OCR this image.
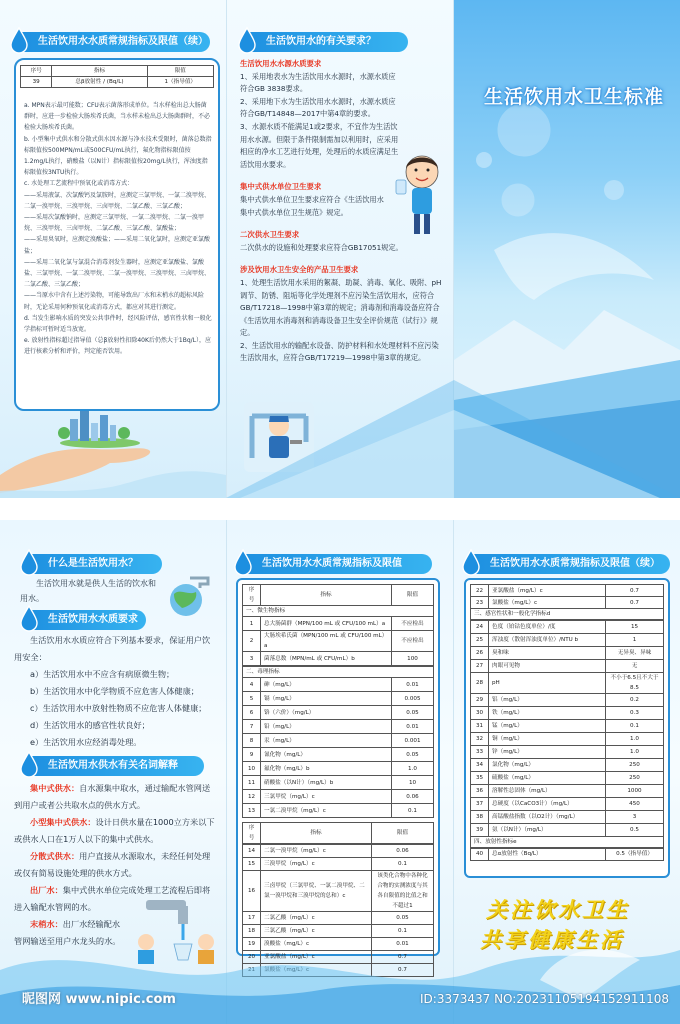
生活饮用水水质常规指标及限值（续）
序号	指标	限值
39	总β放射性 / (Bq/L)	1（指导值）

a. MPN表示最可能数；CFU表示菌落形成单位。当水样检出总大肠菌群时，应进一步检验大肠埃希氏菌，当水样未检出总大肠菌群时，不必检验大肠埃希氏菌。

b. 小型集中式供水和分散式供水因水源与净水技术受限时，菌落总数指标限值按500MPN/mL或500CFU/mL执行，氟化物指标限值按1.2mg/L执行，硝酸盐（以N计）指标限值按20mg/L执行，浑浊度指标限值按3NTU执行。

c. 水处理工艺流程中预氧化或消毒方式：

——采用液氯、次氯酸钙及氯胺时，应测定三氯甲烷、一氯二溴甲烷、二氯一溴甲烷、三溴甲烷、三卤甲烷、二氯乙酸、三氯乙酸；

——采用次氯酸钠时，应测定三氯甲烷、一氯二溴甲烷、二氯一溴甲烷、三溴甲烷、三卤甲烷、二氯乙酸、三氯乙酸、氯酸盐；

——采用臭氧时，应测定溴酸盐；——采用二氧化氯时，应测定亚氯酸盐；

——采用二氧化氯与氯混合消毒剂发生器时，应测定亚氯酸盐、氯酸盐、三氯甲烷、一氯二溴甲烷、二氯一溴甲烷、三溴甲烷、三卤甲烷、二氯乙酸、三氯乙酸；

——当原水中含有上述污染物，可能导致出厂水和末梢水的超标风险时，无论采用何种预氧化或消毒方式，都应对其进行测定。

d. 当发生影响水质的突发公共事件时，经风险评估，感官性状和一般化学指标可暂时适当放宽。

e. 放射性指标超过指导值（总β放射性扣除40K后仍然大于1Bq/L），应进行核素分析和评价，判定能否饮用。

生活饮用水的有关要求？

生活饮用水水源水质要求

1、采用地表水为生活饮用水水源时，水源水质应符合GB 3838要求。
2、采用地下水为生活饮用水水源时，水源水质应符合GB/T14848—2017中第4章的要求。
3、水源水质不能满足1或2要求，不宜作为生活饮用水水源。但限于条件限制需加以利用时，应采用相应的净水工艺进行处理，处理后的水质应满足生活饮用水要求。

集中式供水单位卫生要求

集中式供水单位卫生要求应符合《生活饮用水集中式供水单位卫生规范》规定。

二次供水卫生要求

二次供水的设施和处理要求应符合GB17051规定。

涉及饮用水卫生安全的产品卫生要求

1、处理生活饮用水采用的絮凝、助凝、消毒、氧化、吸附、pH调节、防锈、阻垢等化学处理剂不应污染生活饮用水，应符合GB/T17218—1998中第3章的规定；消毒剂和消毒设备应符合《生活饮用水消毒剂和消毒设备卫生安全评价规范（试行）》规定。
2、生活饮用水的输配水设备、防护材料和水处理材料不应污染生活饮用水，应符合GB/T17219—1998中第3章的规定。

生活饮用水卫生标准
什么是生活饮用水？

生活饮用水就是供人生活的饮水和用水。

生活饮用水水质要求

生活饮用水水质应符合下列基本要求，保证用户饮用安全：

a）生活饮用水中不应含有病原微生物；

b）生活饮用水中化学物质不应危害人体健康；

c）生活饮用水中放射性物质不应危害人体健康；

d）生活饮用水的感官性状良好；

e）生活饮用水应经消毒处理。

生活饮用水供水有关名词解释

集中式供水：自水源集中取水，通过输配水管网送到用户或者公共取水点的供水方式。

小型集中式供水：设计日供水量在1000立方米以下或供水人口在1万人以下的集中式供水。

分散式供水：用户直接从水源取水，未经任何处理或仅有简易设施处理的供水方式。

出厂水：集中式供水单位完成处理工艺流程后即将进入输配水管网的水。

末梢水：出厂水经输配水管网输送至用户水龙头的水。

生活饮用水水质常规指标及限值
序号	指标	限值
一、微生物指标
1	总大肠菌群（MPN/100 mL 或 CFU/100 mL）a	不应检出
2	大肠埃希氏菌（MPN/100 mL 或 CFU/100 mL）a	不应检出
3	菌落总数（MPN/mL 或 CFU/mL）b	100
二、毒理指标
4	砷（mg/L）	0.01
5	镉（mg/L）	0.005
6	铬（六价）（mg/L）	0.05
7	铅（mg/L）	0.01
8	汞（mg/L）	0.001
9	氰化物（mg/L）	0.05
10	氟化物（mg/L）b	1.0
11	硝酸盐（以N计）（mg/L）b	10
12	三氯甲烷（mg/L）c	0.06
13	一氯二溴甲烷（mg/L）c	0.1
序号	指标	限值
14	二氯一溴甲烷（mg/L）c	0.06
15	三溴甲烷（mg/L）c	0.1
16	三卤甲烷（三氯甲烷、一氯二溴甲烷、二氯一溴甲烷和三溴甲烷的总和）c	该类化合物中各种化合物的实测浓度与其各自限值的比值之和不超过1
17	二氯乙酸（mg/L）c	0.05
18	三氯乙酸（mg/L）c	0.1
19	溴酸盐（mg/L）c	0.01
20	亚氯酸盐（mg/L）c	0.7
		0.7
生活饮用水水质常规指标及限值（续）
22	亚氯酸盐（mg/L）c	0.7
23	氯酸盐（mg/L）c	0.7
三、感官性状和一般化学指标d
24	色度（铂钴色度单位）/度	15
25	浑浊度（散射浑浊度单位）/NTU b	1
26	臭和味	无异臭、异味
27	肉眼可见物	无
28	pH	不小于6.5且不大于8.5
29	铝（mg/L）	0.2
30	铁（mg/L）	0.3
31	锰（mg/L）	0.1
32	铜（mg/L）	1.0
33	锌（mg/L）	1.0
34	氯化物（mg/L）	250
35	硫酸盐（mg/L）	250
36	溶解性总固体（mg/L）	1000
37	总硬度（以CaCO3计）（mg/L）	450
38	高锰酸盐指数（以O2计）（mg/L）	3
39	氨（以N计）（mg/L）	0.5
四、放射性指标e
40	总α放射性（Bq/L）	0.5（指导值）
关注饮水卫生
共享健康生活
昵图网 www.nipic.com	ID:3373437 NO:20231105194152911108
